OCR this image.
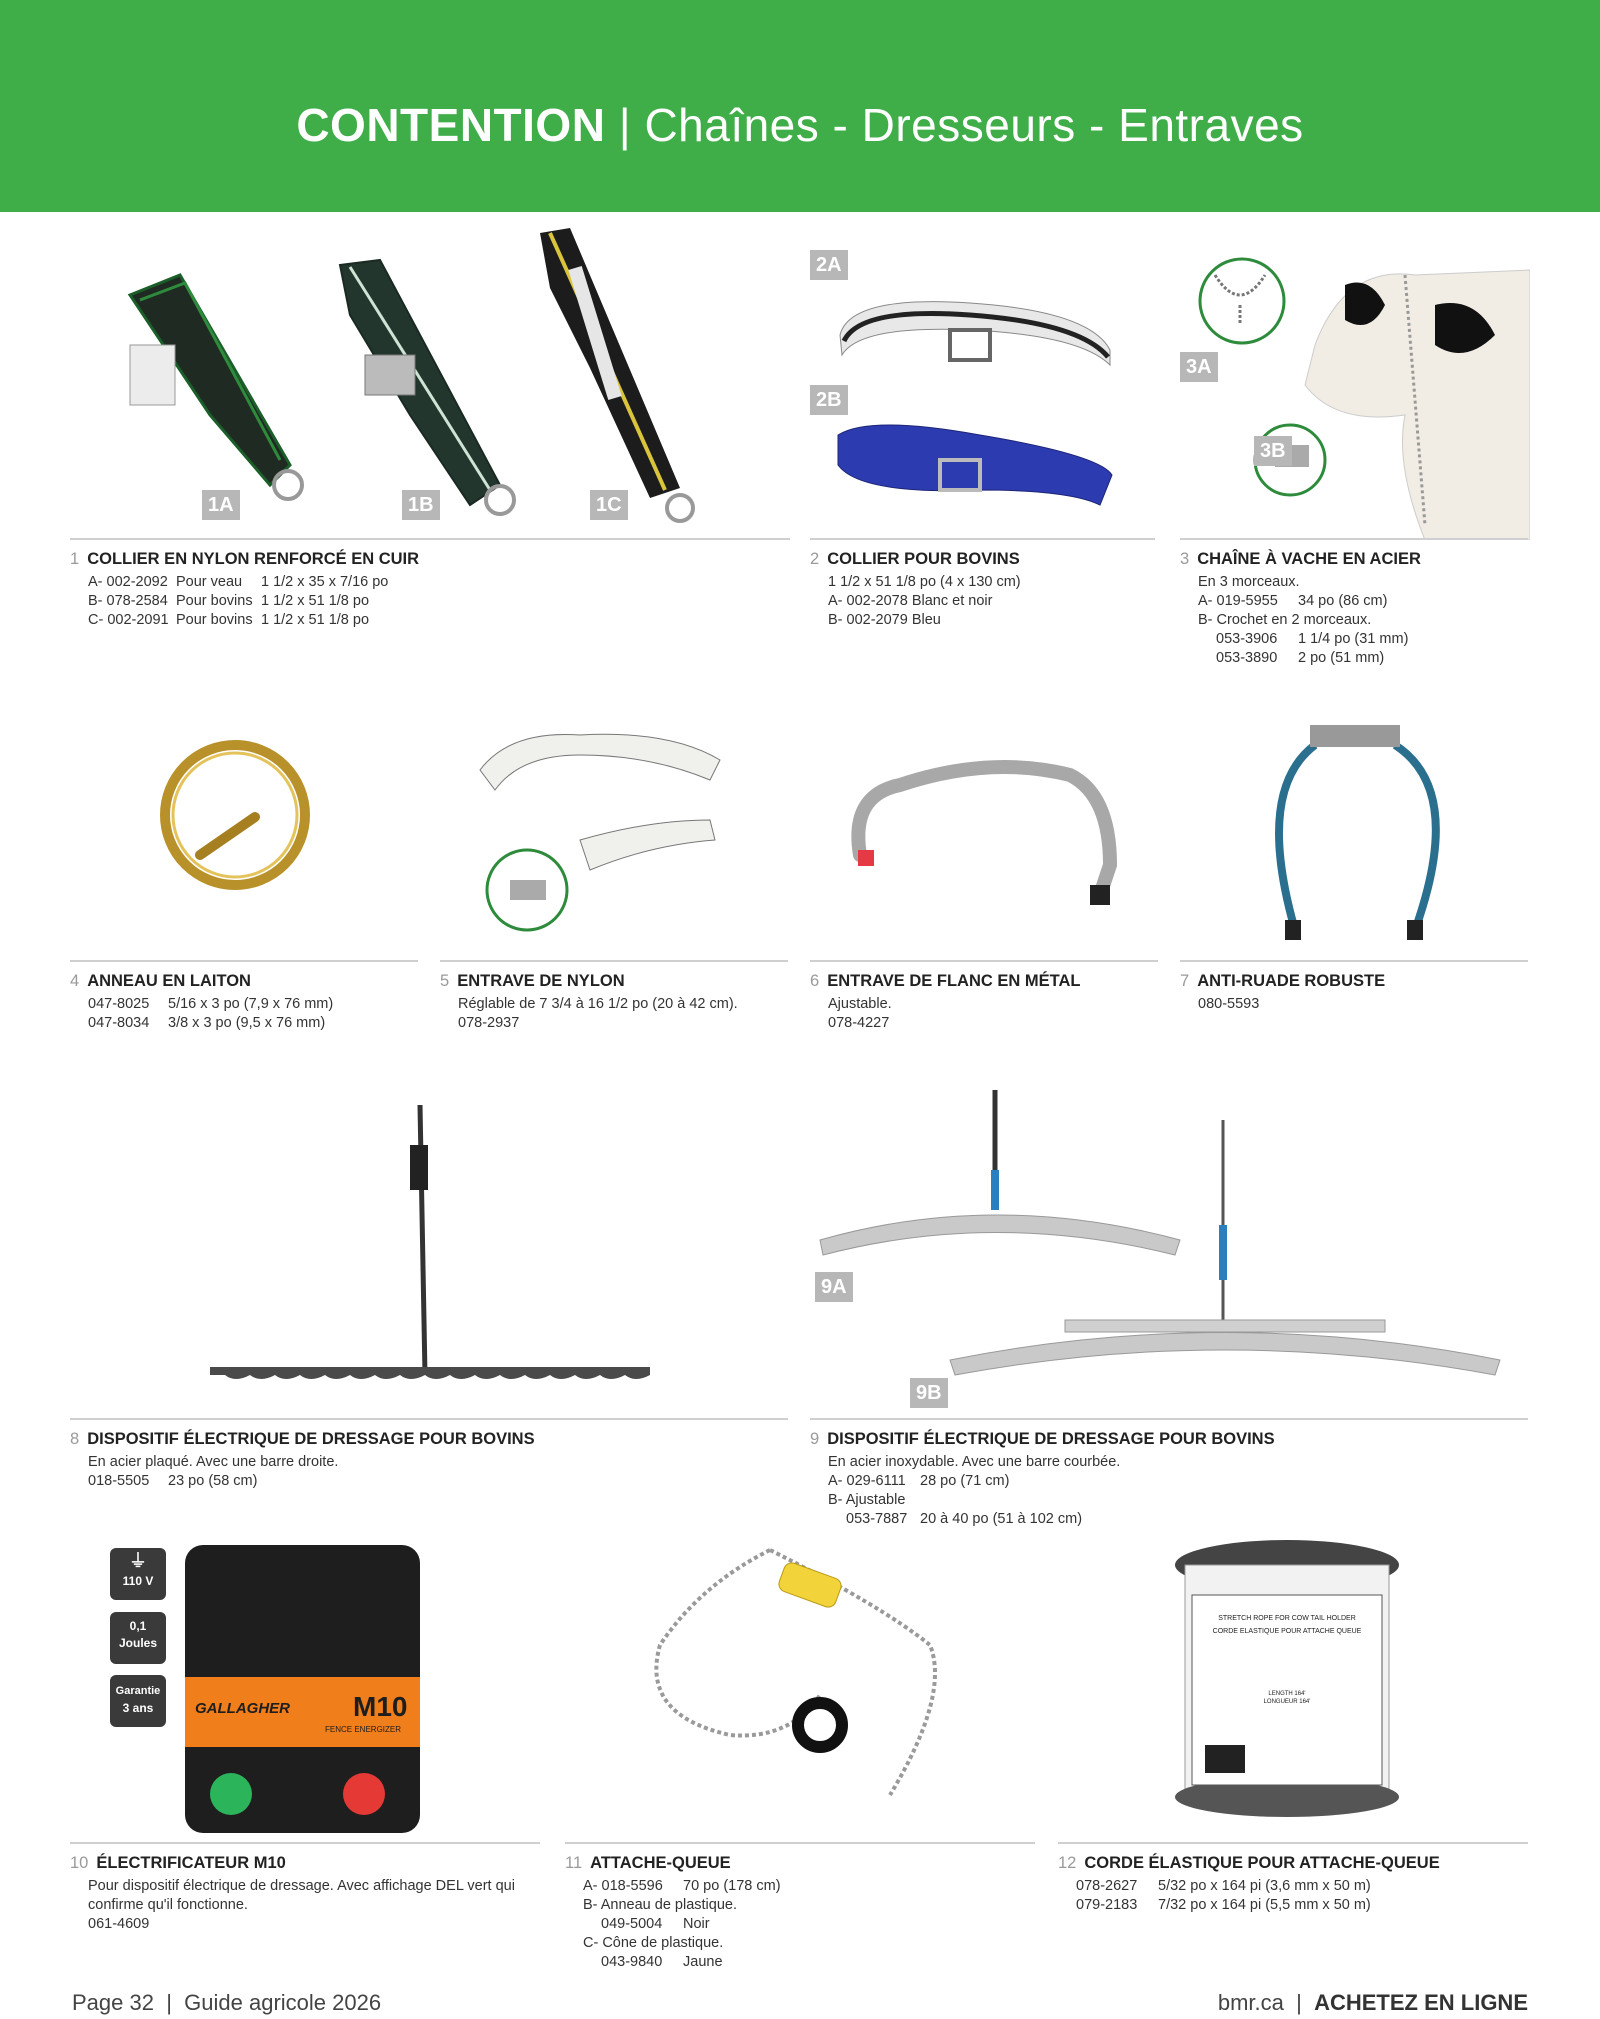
CONTENTION | Chaînes - Dresseurs - Entraves
1A	1B	1C
2A
2B
3A
3B
1 COLLIER EN NYLON RENFORCÉ EN CUIR
A- 002-2092 Pour veau 1 1/2 x 35 x 7/16 po
B- 078-2584 Pour bovins 1 1/2 x 51 1/8 po
C- 002-2091 Pour bovins 1 1/2 x 51 1/8 po
2 COLLIER POUR BOVINS
1 1/2 x 51 1/8 po (4 x 130 cm)
A- 002-2078 Blanc et noir
B- 002-2079 Bleu
3 CHAÎNE À VACHE EN ACIER
En 3 morceaux.
A- 019-5955 34 po (86 cm)
B- Crochet en 2 morceaux.
053-3906 1 1/4 po (31 mm)
053-3890 2 po (51 mm)
4 ANNEAU EN LAITON
047-8025 5/16 x 3 po (7,9 x 76 mm)
047-8034 3/8 x 3 po (9,5 x 76 mm)
5 ENTRAVE DE NYLON
Réglable de 7 3/4 à 16 1/2 po (20 à 42 cm).
078-2937
6 ENTRAVE DE FLANC EN MÉTAL
Ajustable.
078-4227
7 ANTI-RUADE ROBUSTE
080-5593
9A
9B
8 DISPOSITIF ÉLECTRIQUE DE DRESSAGE POUR BOVINS
En acier plaqué. Avec une barre droite.
018-5505 23 po (58 cm)
9 DISPOSITIF ÉLECTRIQUE DE DRESSAGE POUR BOVINS
En acier inoxydable. Avec une barre courbée.
A- 029-6111 28 po (71 cm)
B- Ajustable
053-7887 20 à 40 po (51 à 102 cm)
⏚
110 V
0,1
Joules
Garantie
3 ans	GALLAGHER M10
FENCE ENERGIZER
STRETCH ROPE FOR COW TAIL HOLDER
CORDE ELASTIQUE POUR ATTACHE QUEUE
LENGTH 164'
LONGUEUR 164'
10 ÉLECTRIFICATEUR M10
Pour dispositif électrique de dressage. Avec affichage DEL vert qui
confirme qu'il fonctionne.
061-4609
11 ATTACHE-QUEUE
A- 018-5596 70 po (178 cm)
B- Anneau de plastique.
049-5004 Noir
C- Cône de plastique.
043-9840 Jaune
12 CORDE ÉLASTIQUE POUR ATTACHE-QUEUE
078-2627 5/32 po x 164 pi (3,6 mm x 50 m)
079-2183 7/32 po x 164 pi (5,5 mm x 50 m)
Page 32 | Guide agricole 2026	bmr.ca | ACHETEZ EN LIGNE
